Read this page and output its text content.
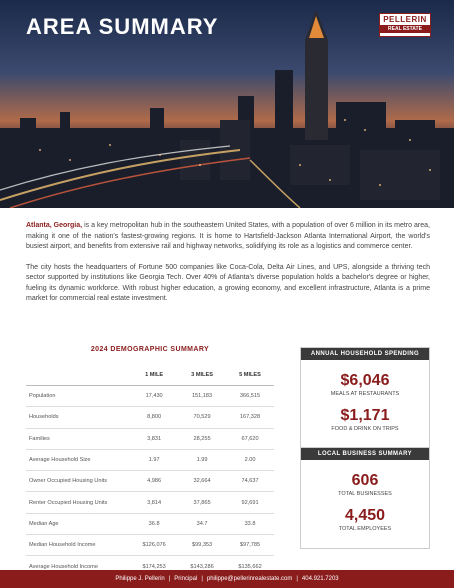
AREA SUMMARY	PELLERIN
REAL ESTATE

Atlanta, Georgia, is a key metropolitan hub in the southeastern United States, with a population of over 6 million in its metro area, making it one of the nation's fastest-growing regions. It is home to Hartsfield-Jackson Atlanta International Airport, the world's busiest airport, and benefits from extensive rail and highway networks, solidifying its role as a logistics and commerce center.

The city hosts the headquarters of Fortune 500 companies like Coca-Cola, Delta Air Lines, and UPS, alongside a thriving tech sector supported by institutions like Georgia Tech. Over 40% of Atlanta's diverse population holds a bachelor's degree or higher, fueling its dynamic workforce. With robust higher education, a growing economy, and excellent infrastructure, Atlanta is a prime market for commercial real estate investment.

2024 DEMOGRAPHIC SUMMARY
	1 MILE	3 MILES	5 MILES
Population	17,430	151,183	366,515
Households	8,800	70,529	167,328
Families	3,831	28,255	67,620
Average Household Size	1.97	1.99	2.00
Owner Occupied Housing Units	4,986	32,664	74,637
Renter Occupied Housing Units	3,814	37,865	92,691
Median Age	36.8	34.7	33.8
Median Household Income	$126,076	$99,353	$97,785
Average Household Income	$174,253	$143,286	$135,662
ANNUAL HOUSEHOLD SPENDING
$6,046
MEALS AT RESTAURANTS
$1,171
FOOD & DRINK ON TRIPS
LOCAL BUSINESS SUMMARY
606
TOTAL BUSINESSES
4,450
TOTAL EMPLOYEES
Philippe J. Pellerin | Principal | philippe@pellerinrealestate.com | 404.921.7203
